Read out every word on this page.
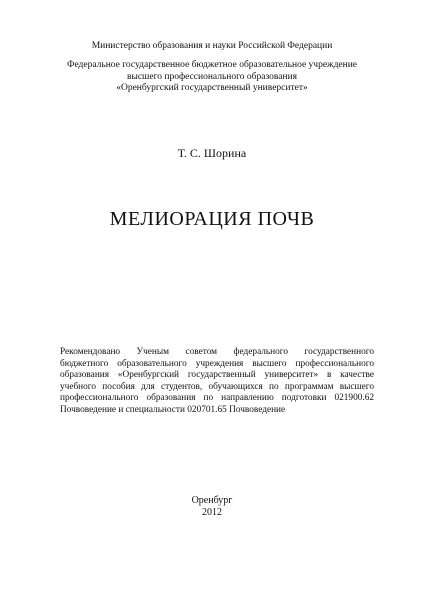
Министерство образования и науки Российской Федерации
Федеральное государственное бюджетное образовательное учреждение
высшего профессионального образования
«Оренбургский государственный университет»
Т. С. Шорина
МЕЛИОРАЦИЯ ПОЧВ
Рекомендовано Ученым советом федерального государственного
бюджетного образовательного учреждения высшего профессионального
образования «Оренбургский государственный университет» в качестве
учебного пособия для студентов, обучающихся по программам высшего
профессионального образования по направлению подготовки 021900.62
Почвоведение и специальности 020701.65 Почвоведение
Оренбург
2012
